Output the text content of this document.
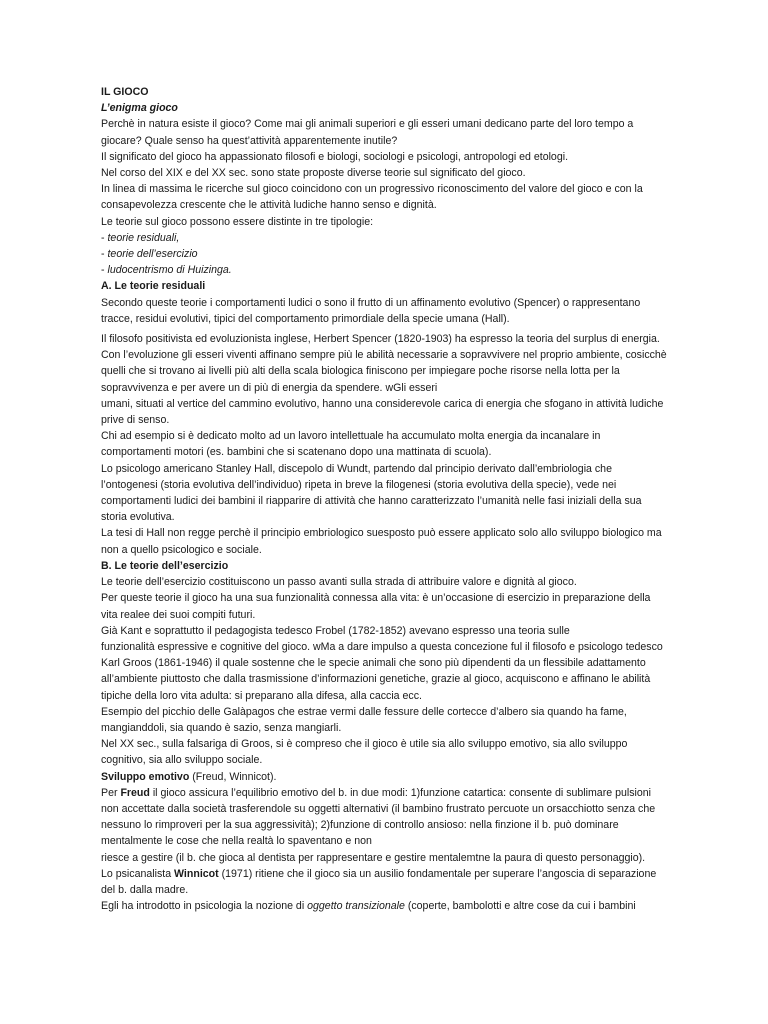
IL GIOCO

L’enigma gioco

Perchè in natura esiste il gioco? Come mai gli animali superiori e gli esseri umani dedicano parte del loro tempo a

giocare? Quale senso ha quest’attività apparentemente inutile?

Il significato del gioco ha appassionato filosofi e biologi, sociologi e psicologi, antropologi ed etologi.

Nel corso del XIX e del XX sec. sono state proposte diverse teorie sul significato del gioco.

In linea di massima le ricerche sul gioco coincidono con un progressivo riconoscimento del valore del gioco e con la

consapevolezza crescente che le attività ludiche hanno senso e dignità.

Le teorie sul gioco possono essere distinte in tre tipologie:

- teorie residuali,

- teorie dell’esercizio

- ludocentrismo di Huizinga.

A. Le teorie residuali

Secondo queste teorie i comportamenti ludici o sono il frutto di un affinamento evolutivo (Spencer) o rappresentano

tracce, residui evolutivi, tipici del comportamento primordiale della specie umana (Hall).

Il filosofo positivista ed evoluzionista inglese, Herbert Spencer (1820-1903) ha espresso la teoria del surplus di energia.

Con l’evoluzione gli esseri viventi affinano sempre più le abilità necessarie a sopravvivere nel proprio ambiente, cosicchè

quelli che si trovano ai livelli più alti della scala biologica finiscono per impiegare poche risorse nella lotta per la

sopravvivenza e per avere un di più di energia da spendere. wGli esseri

umani, situati al vertice del cammino evolutivo, hanno una considerevole carica di energia che sfogano in attività ludiche

prive di senso.

Chi ad esempio si è dedicato molto ad un lavoro intellettuale ha accumulato molta energia da incanalare in

comportamenti motori (es. bambini che si scatenano dopo una mattinata di scuola).

Lo psicologo americano Stanley Hall, discepolo di Wundt, partendo dal principio derivato dall’embriologia che

l’ontogenesi (storia evolutiva dell’individuo) ripeta in breve la filogenesi (storia evolutiva della specie), vede nei

comportamenti ludici dei bambini il riapparire di attività che hanno caratterizzato l’umanità nelle fasi iniziali della sua

storia evolutiva.

La tesi di Hall non regge perchè il principio embriologico suesposto può essere applicato solo allo sviluppo biologico ma

non a quello psicologico e sociale.

B. Le teorie dell’esercizio

Le teorie dell’esercizio costituiscono un passo avanti sulla strada di attribuire valore e dignità al gioco.

Per queste teorie il gioco ha una sua funzionalità connessa alla vita: è un’occasione di esercizio in preparazione della

vita realee dei suoi compiti futuri.

Già Kant e soprattutto il pedagogista tedesco Frobel (1782-1852) avevano espresso una teoria sulle

funzionalità espressive e cognitive del gioco. wMa a dare impulso a questa concezione ful il filosofo e psicologo tedesco

Karl Groos (1861-1946) il quale sostenne che le specie animali che sono più dipendenti da un flessibile adattamento

all’ambiente piuttosto che dalla trasmissione d’informazioni genetiche, grazie al gioco, acquiscono e affinano le abilità

tipiche della loro vita adulta: si preparano alla difesa, alla caccia ecc.

Esempio del picchio delle Galàpagos che estrae vermi dalle fessure delle cortecce d’albero sia quando ha fame,

mangianddoli, sia quando è sazio, senza mangiarli.

Nel XX sec., sulla falsariga di Groos, si è compreso che il gioco è utile sia allo sviluppo emotivo, sia allo sviluppo

cognitivo, sia allo sviluppo sociale.

Sviluppo emotivo (Freud, Winnicot).

Per Freud il gioco assicura l’equilibrio emotivo del b. in due modi: 1)funzione catartica: consente di sublimare pulsioni

non accettate dalla società trasferendole su oggetti alternativi (il bambino frustrato percuote un orsacchiotto senza che

nessuno lo rimproveri per la sua aggressività); 2)funzione di controllo ansioso: nella finzione il b. può dominare

mentalmente le cose che nella realtà lo spaventano e non

riesce a gestire (il b. che gioca al dentista per rappresentare e gestire mentalemtne la paura di questo personaggio).

Lo psicanalista Winnicot (1971) ritiene che il gioco sia un ausilio fondamentale per superare l’angoscia di separazione

del b. dalla madre.

Egli ha introdotto in psicologia la nozione di oggetto transizionale (coperte, bambolotti e altre cose da cui i bambini
